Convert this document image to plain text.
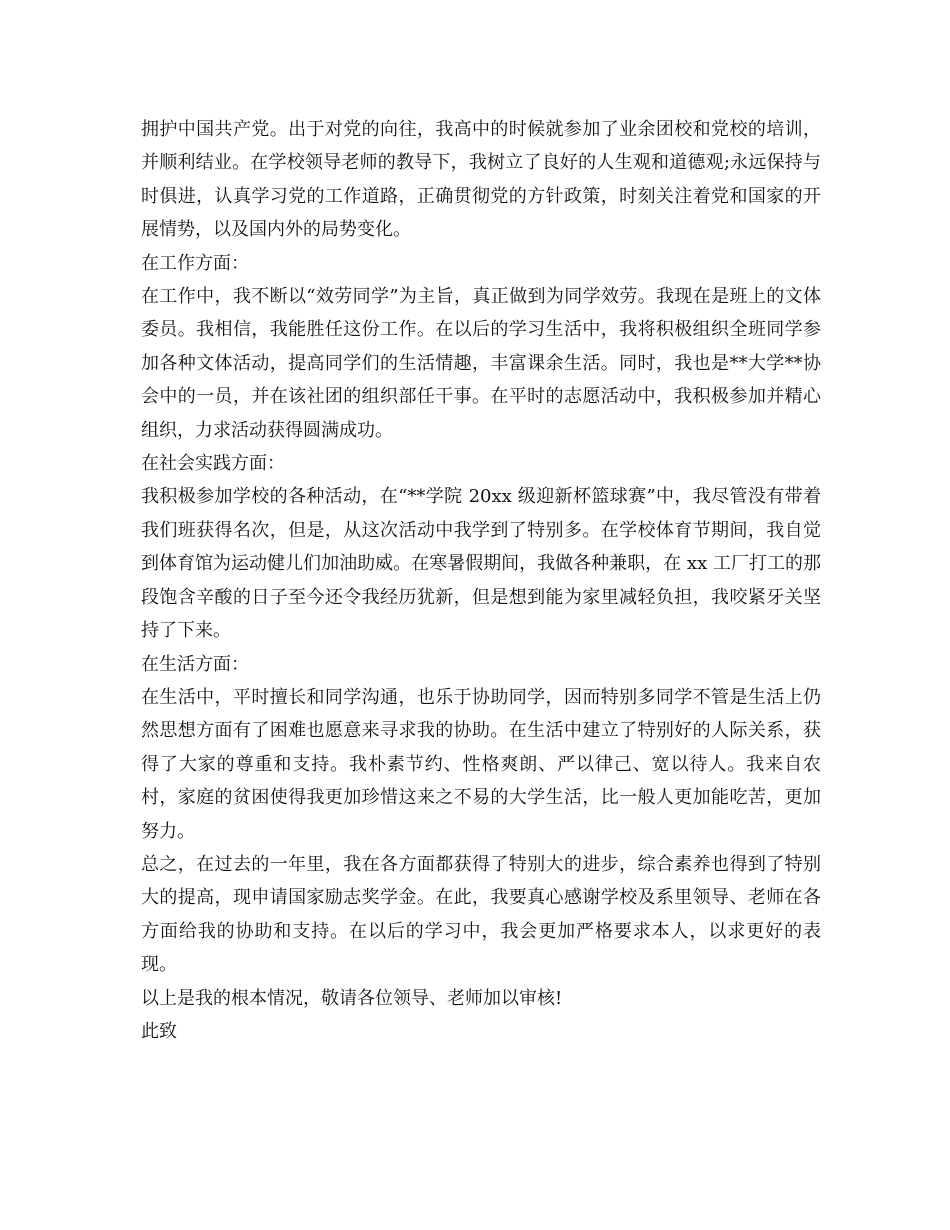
拥护中国共产党。出于对党的向往，我高中的时候就参加了业余团校和党校的培训，并顺利结业。在学校领导老师的教导下，我树立了良好的人生观和道德观;永远保持与时俱进，认真学习党的工作道路，正确贯彻党的方针政策，时刻关注着党和国家的开展情势，以及国内外的局势变化。

在工作方面：

在工作中，我不断以“效劳同学”为主旨，真正做到为同学效劳。我现在是班上的文体委员。我相信，我能胜任这份工作。在以后的学习生活中，我将积极组织全班同学参加各种文体活动，提高同学们的生活情趣，丰富课余生活。同时，我也是**大学**协会中的一员，并在该社团的组织部任干事。在平时的志愿活动中，我积极参加并精心组织，力求活动获得圆满成功。

在社会实践方面：

我积极参加学校的各种活动，在“**学院 20xx 级迎新杯篮球赛”中，我尽管没有带着我们班获得名次，但是，从这次活动中我学到了特别多。在学校体育节期间，我自觉到体育馆为运动健儿们加油助威。在寒暑假期间，我做各种兼职，在 xx 工厂打工的那段饱含辛酸的日子至今还令我经历犹新，但是想到能为家里减轻负担，我咬紧牙关坚持了下来。

在生活方面：

在生活中，平时擅长和同学沟通，也乐于协助同学，因而特别多同学不管是生活上仍然思想方面有了困难也愿意来寻求我的协助。在生活中建立了特别好的人际关系，获得了大家的尊重和支持。我朴素节约、性格爽朗、严以律己、宽以待人。我来自农村，家庭的贫困使得我更加珍惜这来之不易的大学生活，比一般人更加能吃苦，更加努力。

总之，在过去的一年里，我在各方面都获得了特别大的进步，综合素养也得到了特别大的提高，现申请国家励志奖学金。在此，我要真心感谢学校及系里领导、老师在各方面给我的协助和支持。在以后的学习中，我会更加严格要求本人，以求更好的表现。

以上是我的根本情况，敬请各位领导、老师加以审核!

此致
